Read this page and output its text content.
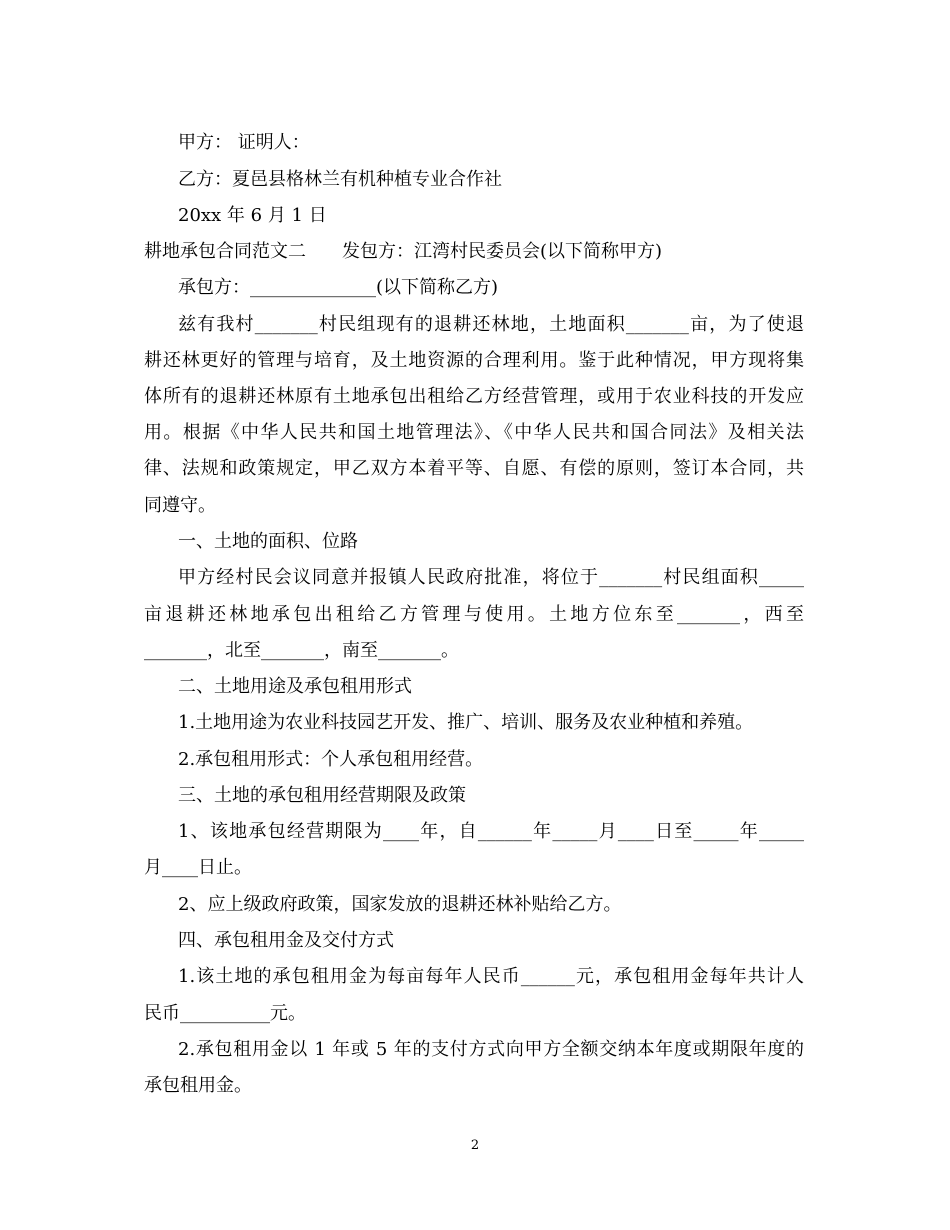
甲方： 证明人：
乙方：夏邑县格林兰有机种植专业合作社
20xx 年 6 月 1 日
耕地承包合同范文二　　发包方：江湾村民委员会(以下简称甲方)
承包方：______________(以下简称乙方)
兹有我村_______村民组现有的退耕还林地，土地面积_______亩，为了使退
耕还林更好的管理与培育，及土地资源的合理利用。鉴于此种情况，甲方现将集
体所有的退耕还林原有土地承包出租给乙方经营管理，或用于农业科技的开发应
用。根据《中华人民共和国土地管理法》、《中华人民共和国合同法》及相关法
律、法规和政策规定，甲乙双方本着平等、自愿、有偿的原则，签订本合同，共
同遵守。
一、土地的面积、位路
甲方经村民会议同意并报镇人民政府批准，将位于_______村民组面积_____
亩退耕还林地承包出租给乙方管理与使用。土地方位东至_______，西至
_______，北至_______，南至_______。
二、土地用途及承包租用形式
1.土地用途为农业科技园艺开发、推广、培训、服务及农业种植和养殖。
2.承包租用形式：个人承包租用经营。
三、土地的承包租用经营期限及政策
1、该地承包经营期限为____年，自______年_____月____日至_____年_____
月____日止。
2、应上级政府政策，国家发放的退耕还林补贴给乙方。
四、承包租用金及交付方式
1.该土地的承包租用金为每亩每年人民币______元，承包租用金每年共计人
民币__________元。
2.承包租用金以 1 年或 5 年的支付方式向甲方全额交纳本年度或期限年度的
承包租用金。
2
